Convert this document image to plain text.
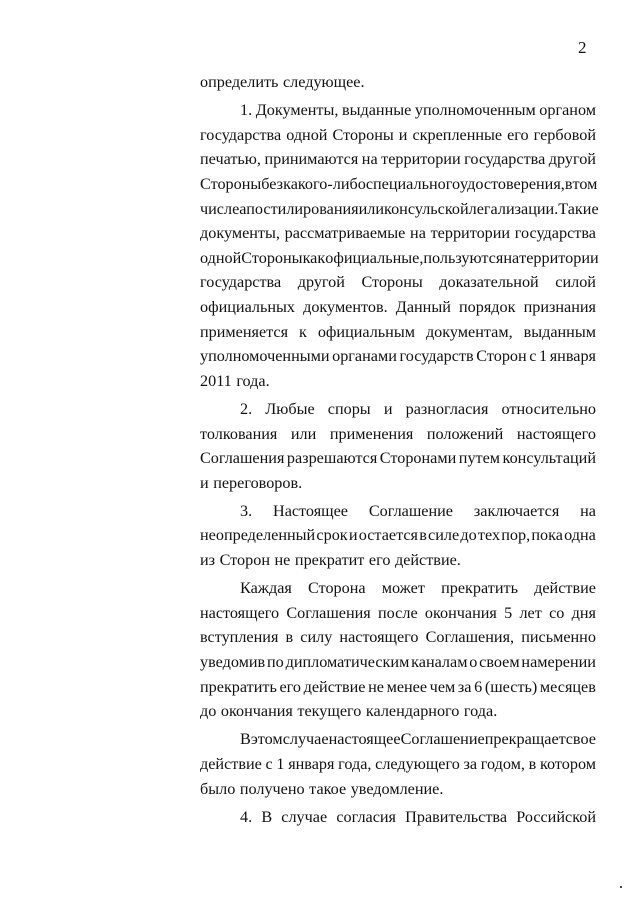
2
определить следующее.
1. Документы, выданные уполномоченным органом
государства одной Стороны и скрепленные его гербовой
печатью, принимаются на территории государства другой
Стороны без какого-либо специального удостоверения, в том
числе апостилирования или консульской легализации. Такие
документы, рассматриваемые на территории государства
одной Стороны как официальные, пользуются на территории
государства другой Стороны доказательной силой
официальных документов. Данный порядок признания
применяется к официальным документам, выданным
уполномоченными органами государств Сторон с 1 января
2011 года.
2. Любые споры и разногласия относительно
толкования или применения положений настоящего
Соглашения разрешаются Сторонами путем консультаций
и переговоров.
3. Настоящее Соглашение заключается на
неопределенный срок и остается в силе до тех пор, пока одна
из Сторон не прекратит его действие.
Каждая Сторона может прекратить действие
настоящего Соглашения после окончания 5 лет со дня
вступления в силу настоящего Соглашения, письменно
уведомив по дипломатическим каналам о своем намерении
прекратить его действие не менее чем за 6 (шесть) месяцев
до окончания текущего календарного года.
В этом случае настоящее Соглашение прекращает свое
действие с 1 января года, следующего за годом, в котором
было получено такое уведомление.
4. В случае согласия Правительства Российской
